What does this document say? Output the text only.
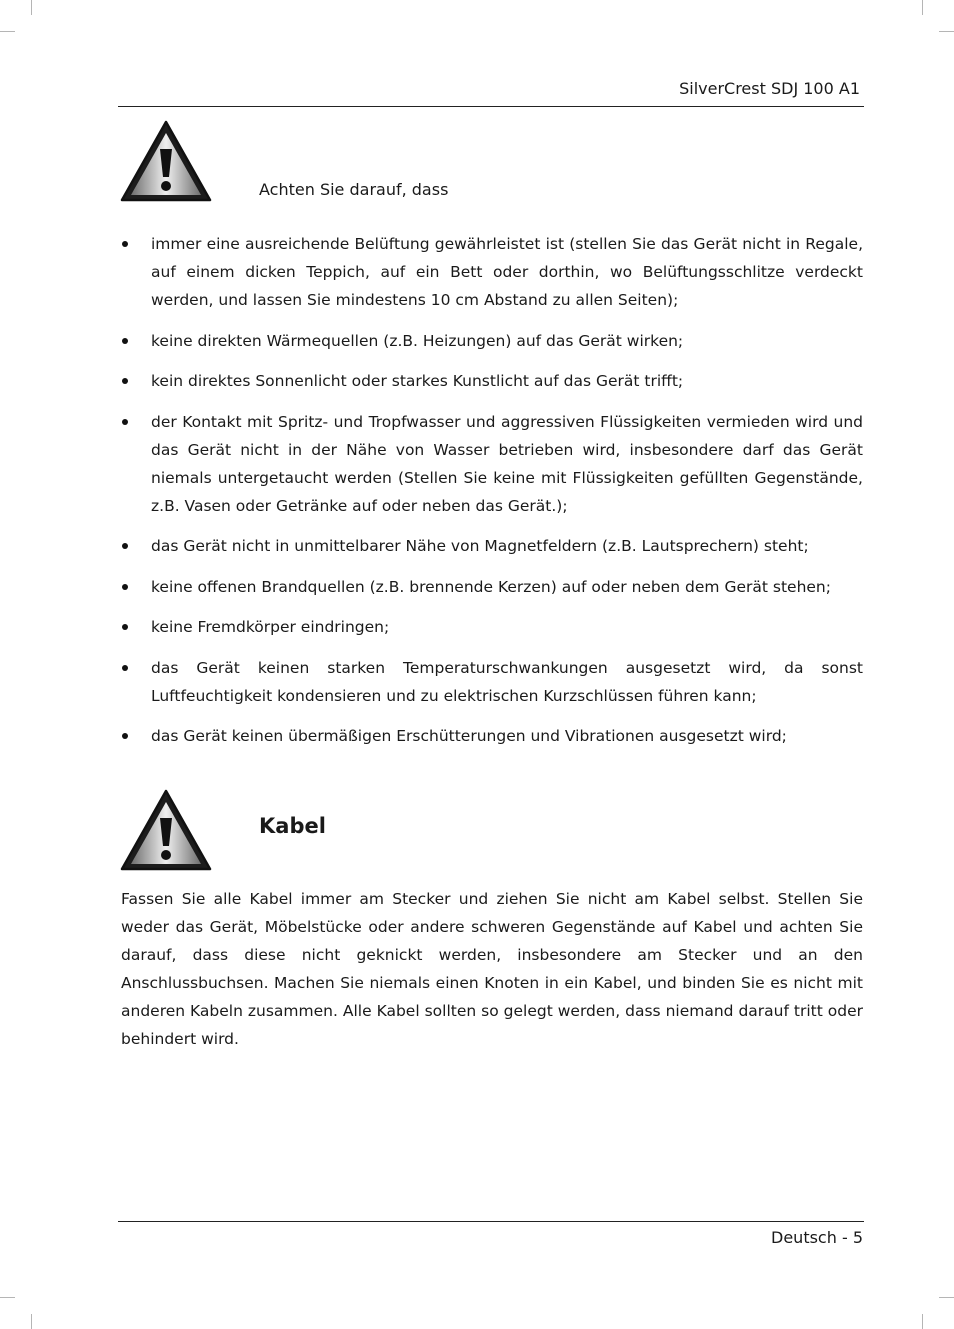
SilverCrest SDJ 100 A1
Achten Sie darauf, dass
immer eine ausreichende Belüftung gewährleistet ist (stellen Sie das Gerät nicht in Regale, auf einem dicken Teppich, auf ein Bett oder dorthin, wo Belüftungsschlitze verdeckt werden, und lassen Sie mindestens 10 cm Abstand zu allen Seiten);
keine direkten Wärmequellen (z.B. Heizungen) auf das Gerät wirken;
kein direktes Sonnenlicht oder starkes Kunstlicht auf das Gerät trifft;
der Kontakt mit Spritz- und Tropfwasser und aggressiven Flüssigkeiten vermieden wird und das Gerät nicht in der Nähe von Wasser betrieben wird, insbesondere darf das Gerät niemals untergetaucht werden (Stellen Sie keine mit Flüssigkeiten gefüllten Gegenstände, z.B. Vasen oder Getränke auf oder neben das Gerät.);
das Gerät nicht in unmittelbarer Nähe von Magnetfeldern (z.B. Lautsprechern) steht;
keine offenen Brandquellen (z.B. brennende Kerzen) auf oder neben dem Gerät stehen;
keine Fremdkörper eindringen;
das Gerät keinen starken Temperaturschwankungen ausgesetzt wird, da sonst Luftfeuchtigkeit kondensieren und zu elektrischen Kurzschlüssen führen kann;
das Gerät keinen übermäßigen Erschütterungen und Vibrationen ausgesetzt wird;
Kabel

Fassen Sie alle Kabel immer am Stecker und ziehen Sie nicht am Kabel selbst. Stellen Sie weder das Gerät, Möbelstücke oder andere schweren Gegenstände auf Kabel und achten Sie darauf, dass diese nicht geknickt werden, insbesondere am Stecker und an den Anschlussbuchsen. Machen Sie niemals einen Knoten in ein Kabel, und binden Sie es nicht mit anderen Kabeln zusammen. Alle Kabel sollten so gelegt werden, dass niemand darauf tritt oder behindert wird.

Deutsch - 5
